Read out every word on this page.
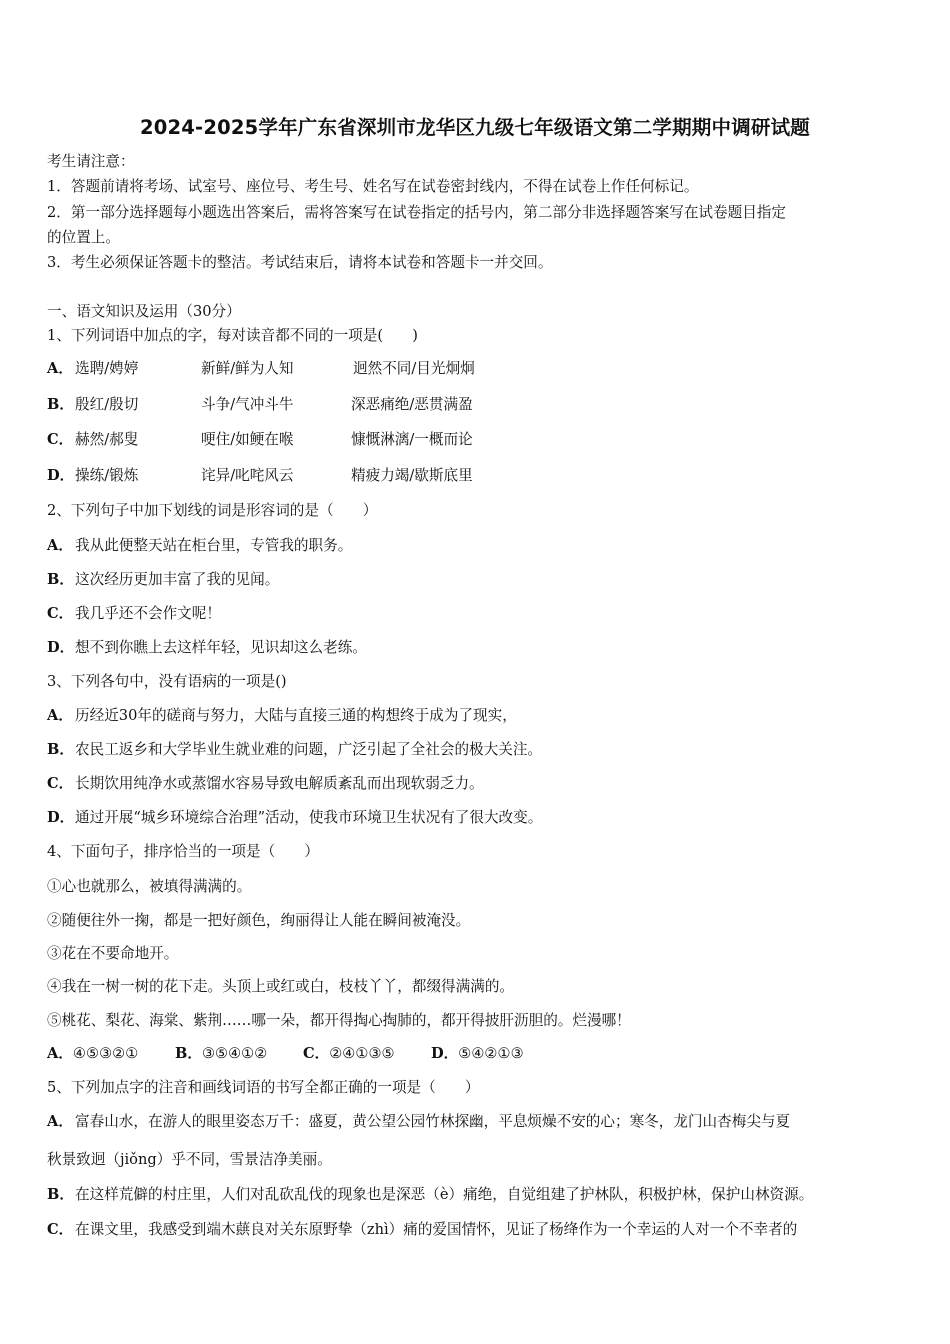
2024-2025学年广东省深圳市龙华区九级七年级语文第二学期期中调研试题
考生请注意：
1．答题前请将考场、试室号、座位号、考生号、姓名写在试卷密封线内，不得在试卷上作任何标记。
2．第一部分选择题每小题选出答案后，需将答案写在试卷指定的括号内，第二部分非选择题答案写在试卷题目指定
的位置上。
3．考生必须保证答题卡的整洁。考试结束后，请将本试卷和答题卡一并交回。
一、语文知识及运用（30分）
1、下列词语中加点的字，每对读音都不同的一项是(　　)
A． 选聘/娉婷	新鲜/鲜为人知	迥然不同/目光炯炯
B．殷红/殷切	斗争/气冲斗牛	深恶痛绝/恶贯满盈
C． 赫然/郝叟	哽住/如鲠在喉	慷慨淋漓/一概而论
D．操练/锻炼	诧异/叱咤风云	精疲力竭/歇斯底里
2、下列句子中加下划线的词是形容词的是（　　）
A． 我从此便整天站在柜台里，专管我的职务。
B．这次经历更加丰富了我的见闻。
C． 我几乎还不会作文呢！
D．想不到你瞧上去这样年轻，见识却这么老练。
3、下列各句中，没有语病的一项是()
A． 历经近30年的磋商与努力，大陆与直接三通的构想终于成为了现实，
B．农民工返乡和大学毕业生就业难的问题，广泛引起了全社会的极大关注。
C． 长期饮用纯净水或蒸馏水容易导致电解质紊乱而出现软弱乏力。
D．通过开展“城乡环境综合治理”活动，使我市环境卫生状况有了很大改变。
4、下面句子，排序恰当的一项是（　　）
①心也就那么，被填得满满的。
②随便往外一掬，都是一把好颜色，绚丽得让人能在瞬间被淹没。
③花在不要命地开。
④我在一树一树的花下走。头顶上或红或白，枝枝丫丫，都缀得满满的。
⑤桃花、梨花、海棠、紫荆……哪一朵，都开得掏心掏肺的，都开得披肝沥胆的。烂漫哪！
A．④⑤③②①	B．③⑤④①② C．②④①③⑤ D．⑤④②①③
5、下列加点字的注音和画线词语的书写全都正确的一项是（　　）
A． 富春山水，在游人的眼里姿态万千：盛夏，黄公望公园竹林探幽，平息烦燥不安的心；寒冬，龙门山杏梅尖与夏
秋景致迥（jiǒng）乎不同，雪景洁净美丽。
B．在这样荒僻的村庄里，人们对乱砍乱伐的现象也是深恶（è）痛绝，自觉组建了护林队，积极护林，保护山林资源。
C． 在课文里，我感受到端木蕻良对关东原野挚（zhì）痛的爱国情怀，见证了杨绛作为一个幸运的人对一个不幸者的
